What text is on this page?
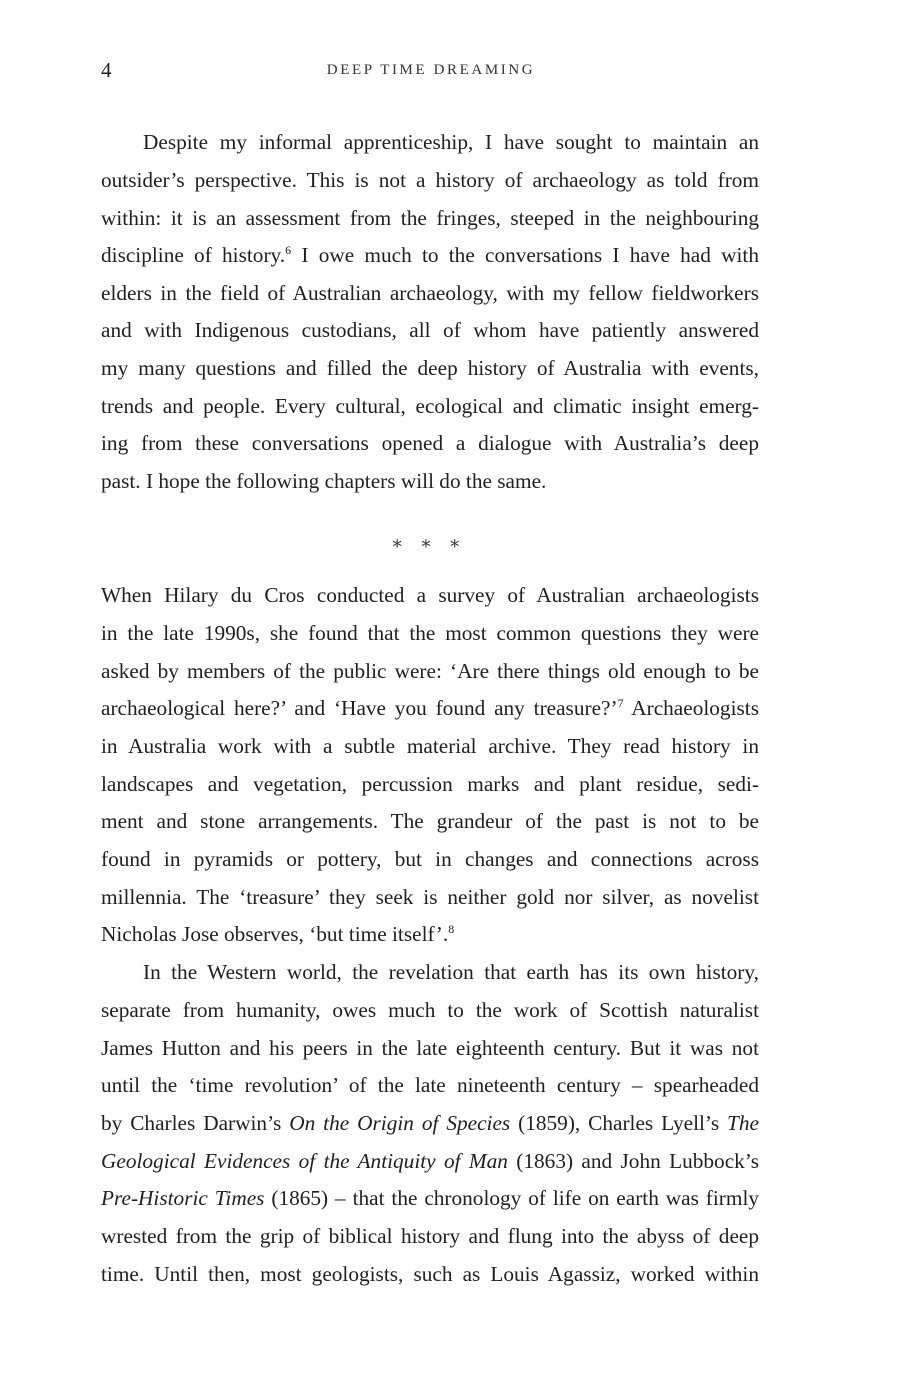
4	DEEP TIME DREAMING
Despite my informal apprenticeship, I have sought to maintain an
outsider’s perspective. This is not a history of archaeology as told from
within: it is an assessment from the fringes, steeped in the neighbouring
discipline of history.$^6$ I owe much to the conversations I have had with
elders in the field of Australian archaeology, with my fellow fieldworkers
and with Indigenous custodians, all of whom have patiently answered
my many questions and filled the deep history of Australia with events,
trends and people. Every cultural, ecological and climatic insight emerg-
ing from these conversations opened a dialogue with Australia’s deep
past. I hope the following chapters will do the same.
∗ ∗ ∗
When Hilary du Cros conducted a survey of Australian archaeologists
in the late 1990s, she found that the most common questions they were
asked by members of the public were: ‘Are there things old enough to be
archaeological here?’ and ‘Have you found any treasure?’$^7$ Archaeologists
in Australia work with a subtle material archive. They read history in
landscapes and vegetation, percussion marks and plant residue, sedi-
ment and stone arrangements. The grandeur of the past is not to be
found in pyramids or pottery, but in changes and connections across
millennia. The ‘treasure’ they seek is neither gold nor silver, as novelist
Nicholas Jose observes, ‘but time itself’.$^8$
In the Western world, the revelation that earth has its own history,
separate from humanity, owes much to the work of Scottish naturalist
James Hutton and his peers in the late eighteenth century. But it was not
until the ‘time revolution’ of the late nineteenth century – spearheaded
by Charles Darwin’s On the Origin of Species (1859), Charles Lyell’s The
Geological Evidences of the Antiquity of Man (1863) and John Lubbock’s
Pre-Historic Times (1865) – that the chronology of life on earth was firmly
wrested from the grip of biblical history and flung into the abyss of deep
time. Until then, most geologists, such as Louis Agassiz, worked within
